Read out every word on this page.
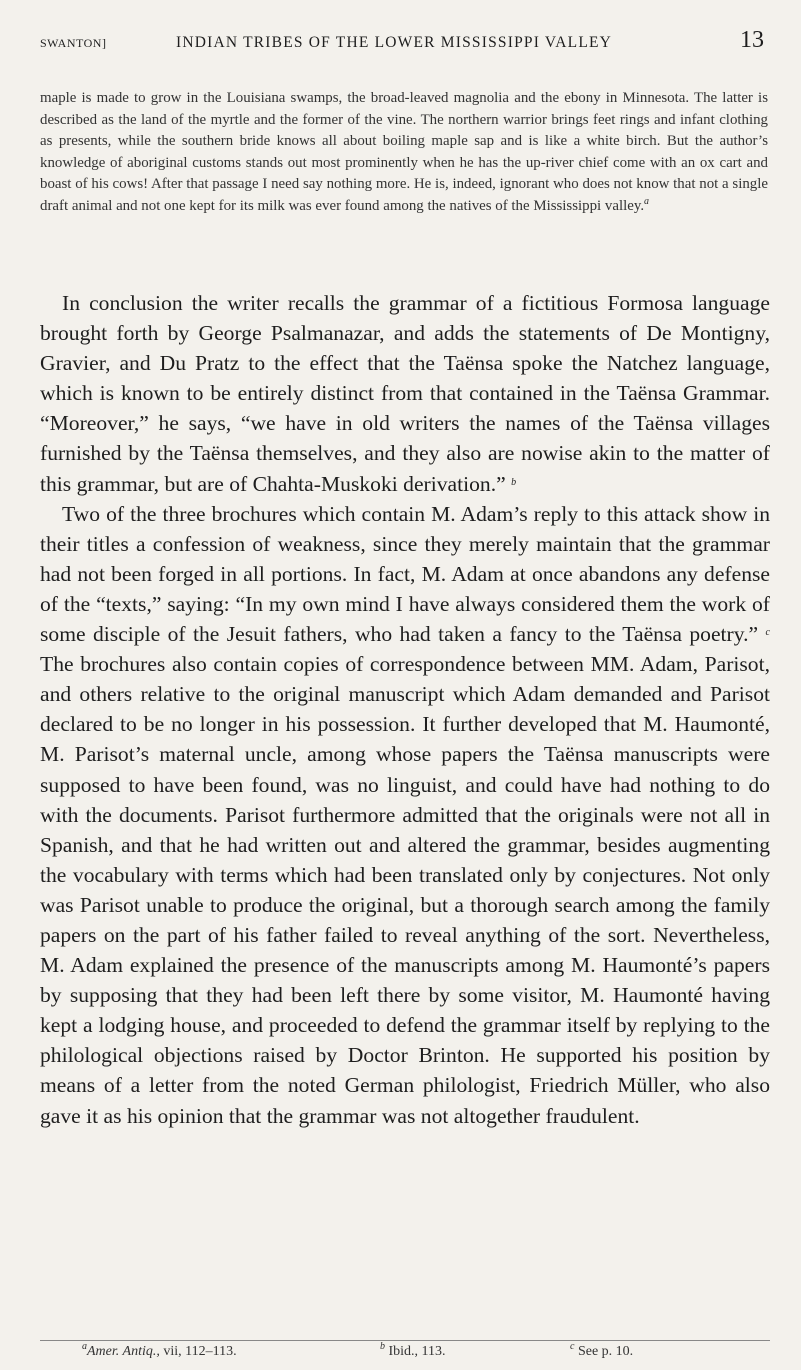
SWANTON]	INDIAN TRIBES OF THE LOWER MISSISSIPPI VALLEY	13

maple is made to grow in the Louisiana swamps, the broad-leaved magnolia and the ebony in Minnesota. The latter is described as the land of the myrtle and the former of the vine. The northern warrior brings feet rings and infant clothing as presents, while the southern bride knows all about boiling maple sap and is like a white birch. But the author’s knowledge of aboriginal customs stands out most prominently when he has the up-river chief come with an ox cart and boast of his cows! After that passage I need say nothing more. He is, indeed, ignorant who does not know that not a single draft animal and not one kept for its milk was ever found among the natives of the Mississippi valley.$^a$

In conclusion the writer recalls the grammar of a fictitious Formosa language brought forth by George Psalmanazar, and adds the statements of De Montigny, Gravier, and Du Pratz to the effect that the Taënsa spoke the Natchez language, which is known to be entirely distinct from that contained in the Taënsa Grammar. “Moreover,” he says, “we have in old writers the names of the Taënsa villages furnished by the Taënsa themselves, and they also are nowise akin to the matter of this grammar, but are of Chahta-Muskoki derivation.” $^b$

Two of the three brochures which contain M. Adam’s reply to this attack show in their titles a confession of weakness, since they merely maintain that the grammar had not been forged in all portions. In fact, M. Adam at once abandons any defense of the “texts,” saying: “In my own mind I have always considered them the work of some disciple of the Jesuit fathers, who had taken a fancy to the Taënsa poetry.” $^c$ The brochures also contain copies of correspondence between MM. Adam, Parisot, and others relative to the original manuscript which Adam demanded and Parisot declared to be no longer in his possession. It further developed that M. Haumonté, M. Parisot’s maternal uncle, among whose papers the Taënsa manuscripts were supposed to have been found, was no linguist, and could have had nothing to do with the documents. Parisot furthermore admitted that the originals were not all in Spanish, and that he had written out and altered the grammar, besides augmenting the vocabulary with terms which had been translated only by conjectures. Not only was Parisot unable to produce the original, but a thorough search among the family papers on the part of his father failed to reveal anything of the sort. Nevertheless, M. Adam explained the presence of the manuscripts among M. Haumonté’s papers by supposing that they had been left there by some visitor, M. Haumonté having kept a lodging house, and proceeded to defend the grammar itself by replying to the philological objections raised by Doctor Brinton. He supported his position by means of a letter from the noted German philologist, Friedrich Müller, who also gave it as his opinion that the grammar was not altogether fraudulent.

$^a$Amer. Antiq., vii, 112–113.	$^b$ Ibid., 113.	$^c$ See p. 10.
